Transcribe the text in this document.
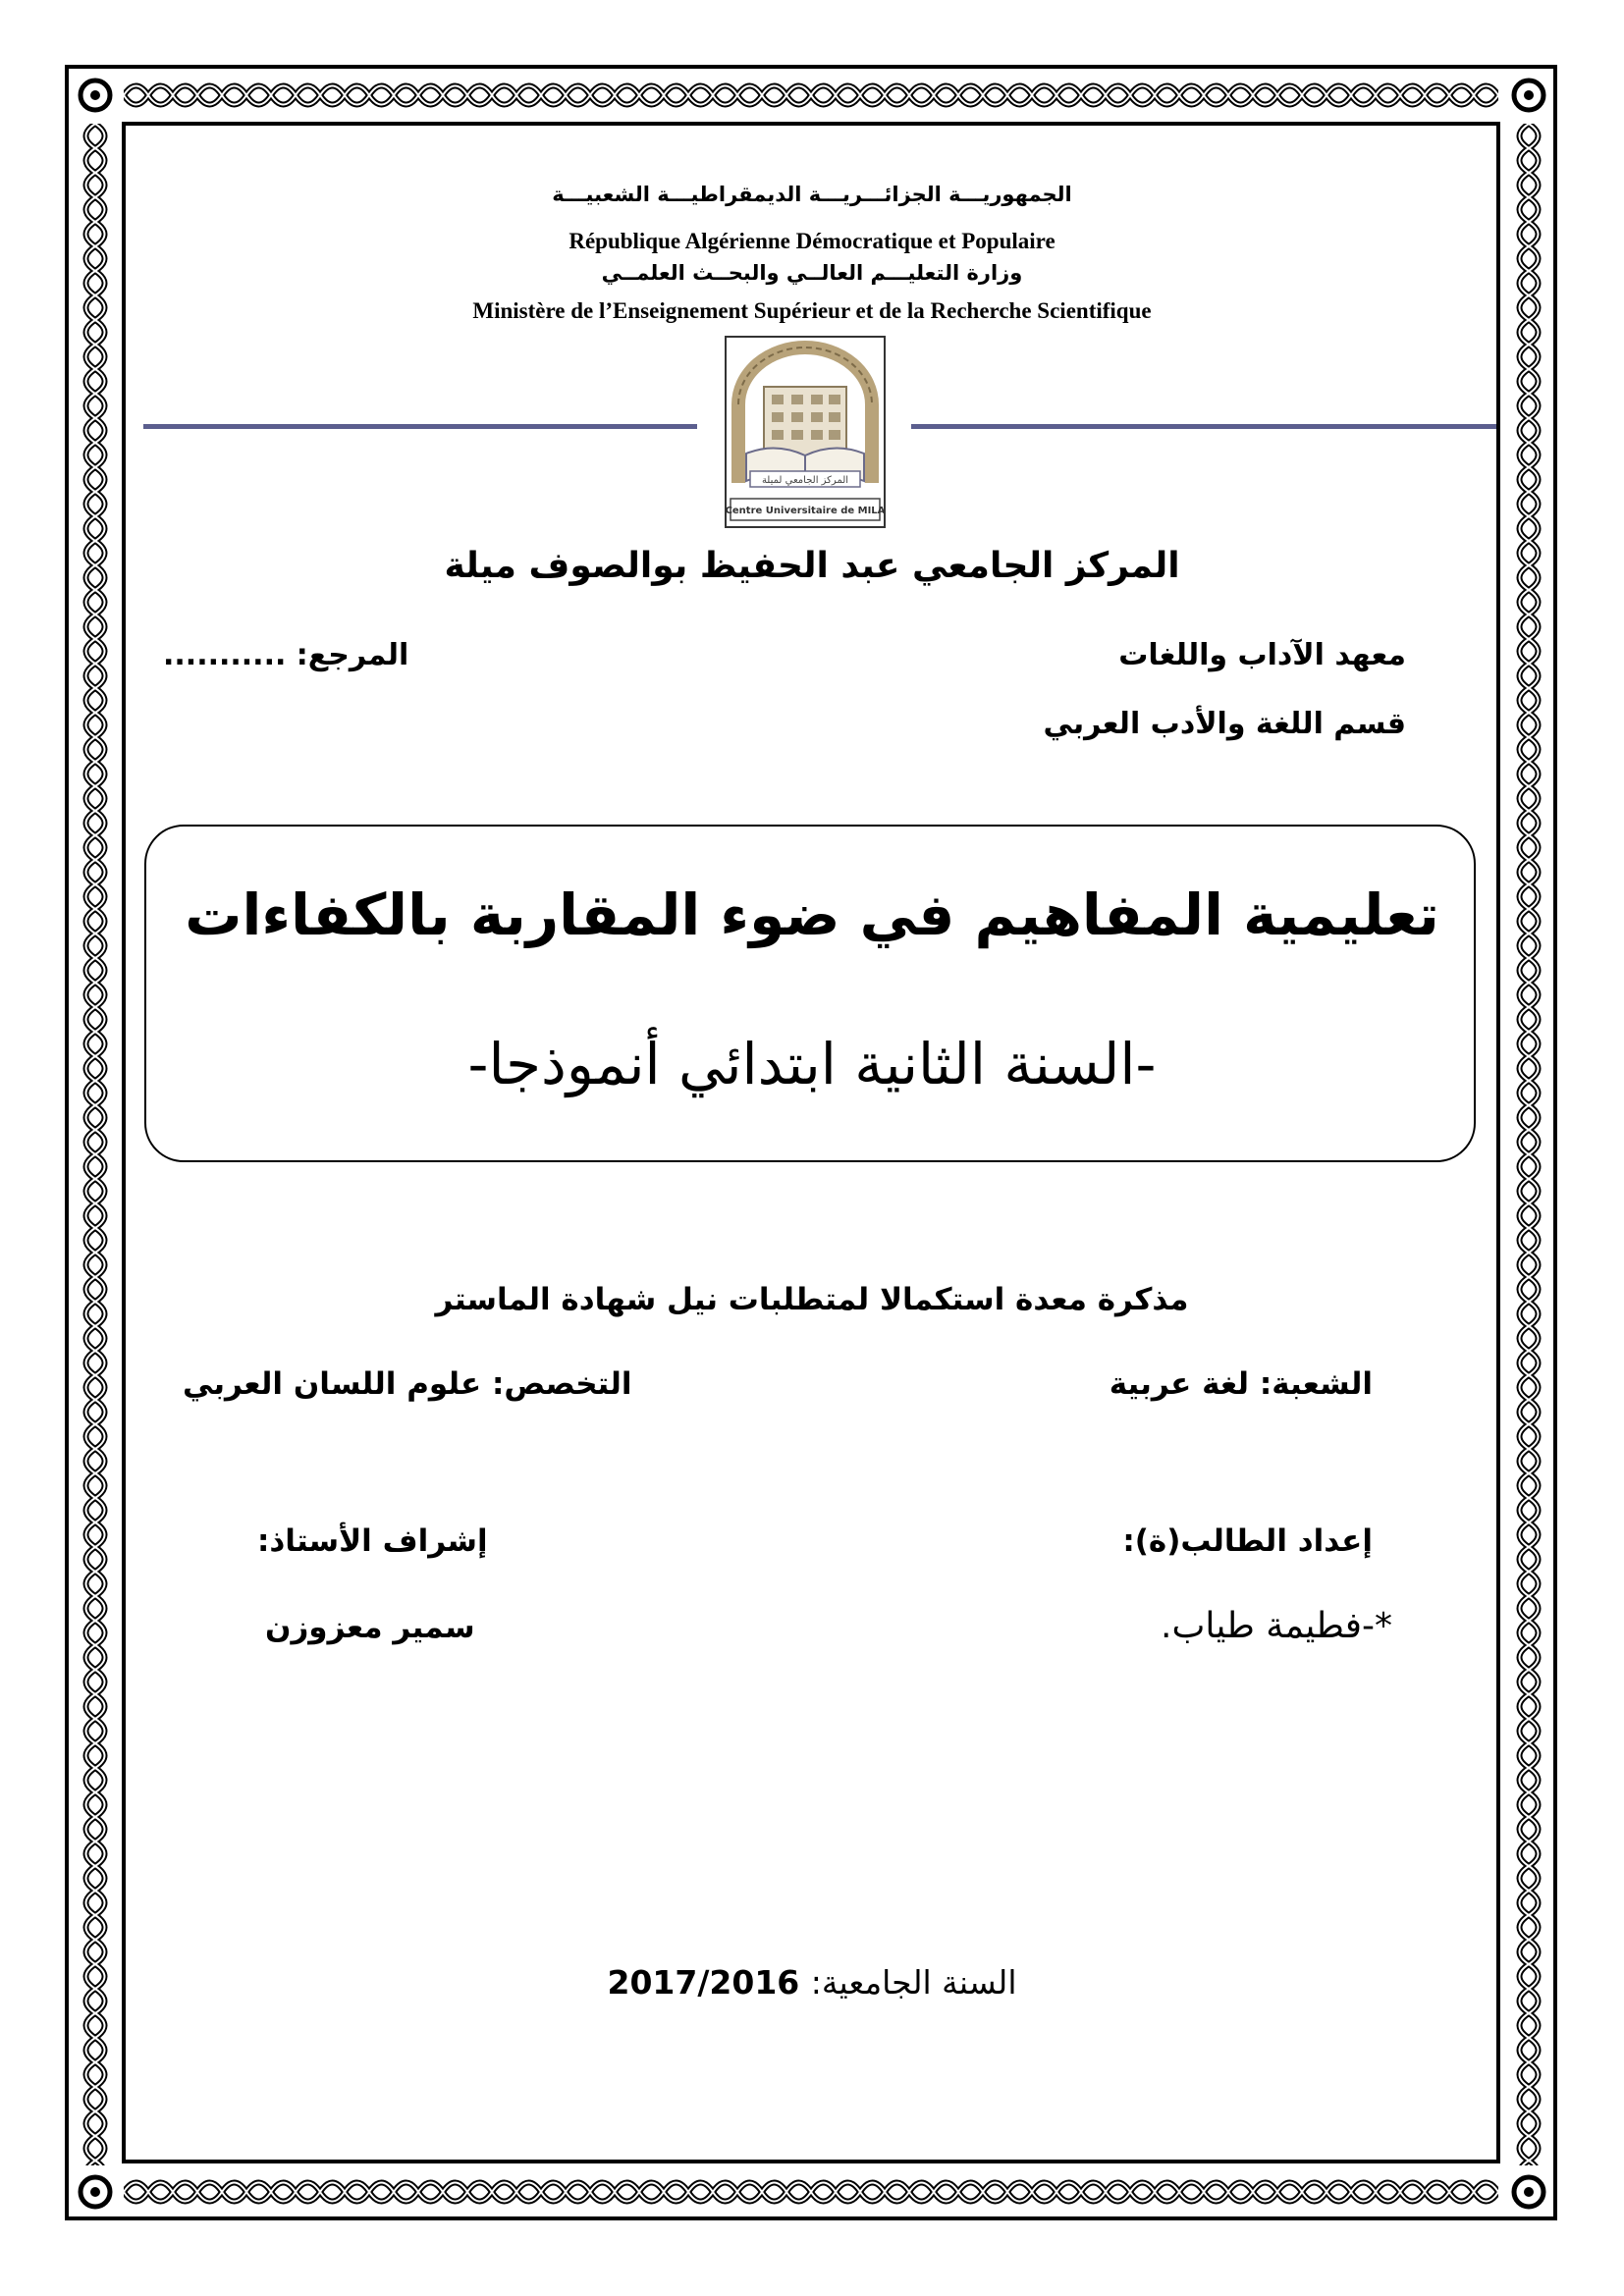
الجمهوريـــة الجزائـــريـــة الديمقراطيـــة الشعبيـــة
République Algérienne Démocratique et Populaire
وزارة التعليـــم العالــي والبحــث العلمــي
Ministère de l’Enseignement Supérieur et de la Recherche Scientifique
المركز الجامعي لميلة
Centre Universitaire de MILA
المركز الجامعي عبد الحفيظ بوالصوف ميلة
معهد الآداب واللغات
المرجع: ...........
قسم اللغة والأدب العربي
تعليمية المفاهيم في ضوء المقاربة بالكفاءات
-السنة الثانية ابتدائي أنموذجا-
مذكرة معدة استكمالا لمتطلبات نيل شهادة الماستر
الشعبة: لغة عربية
التخصص: علوم اللسان العربي
إعداد الطالب(ة):
إشراف الأستاذ:
*-فطيمة طياب.
سمير معزوزن
السنة الجامعية: 2017/2016
